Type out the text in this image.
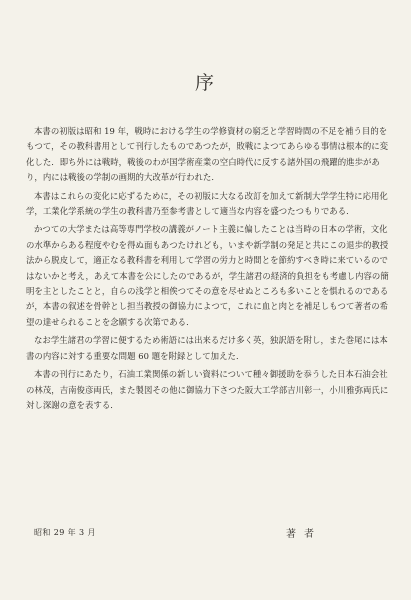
序

本書の初版は昭和 19 年，戦時における学生の学修資材の窮乏と学習時間の不足を補う目的をもつて，その教科書用として刊行したものであつたが，敗戦によつてあらゆる事情は根本的に変化した．即ち外には戦時，戦後のわが国学術産業の空白時代に反する諸外国の飛躍的進歩があり，内には戦後の学制の画期的大改革が行われた．

本書はこれらの変化に応ずるために，その初版に大なる改訂を加えて新制大学学生特に応用化学，工業化学系統の学生の教科書乃至参考書として適当な内容を盛つたつもりである．

かつての大学または高等専門学校の講義がノート主義に偏したことは当時の日本の学術，文化の水準からある程度やむを得ぬ面もあつたけれども，いまや新学制の発足と共にこの退歩的教授法から脱皮して，適正なる教科書を利用して学習の労力と時間とを節約すべき時に来ているのではないかと考え，あえて本書を公にしたのであるが，学生諸君の経済的負担をも考慮し内容の簡明を主としたことと，自らの浅学と相俟つてその意を尽せぬところも多いことを惧れるのであるが，本書の叙述を骨幹とし担当教授の御協力によつて，これに血と肉とを補足しもつて著者の希望の達せられることを念願する次第である．

なお学生諸君の学習に便するため術語には出来るだけ多く英，独訳語を附し，また巻尾には本書の内容に対する重要な問題 60 題を附録として加えた．

本書の刊行にあたり，石油工業関係の新しい資料について種々御援助を忝うした日本石油会社の林茂，吉南俊彦両氏，また製図その他に御協力下さつた阪大工学部吉川彰一，小川雅弥両氏に対し深謝の意を表する．

昭和 29 年 3 月	著者
